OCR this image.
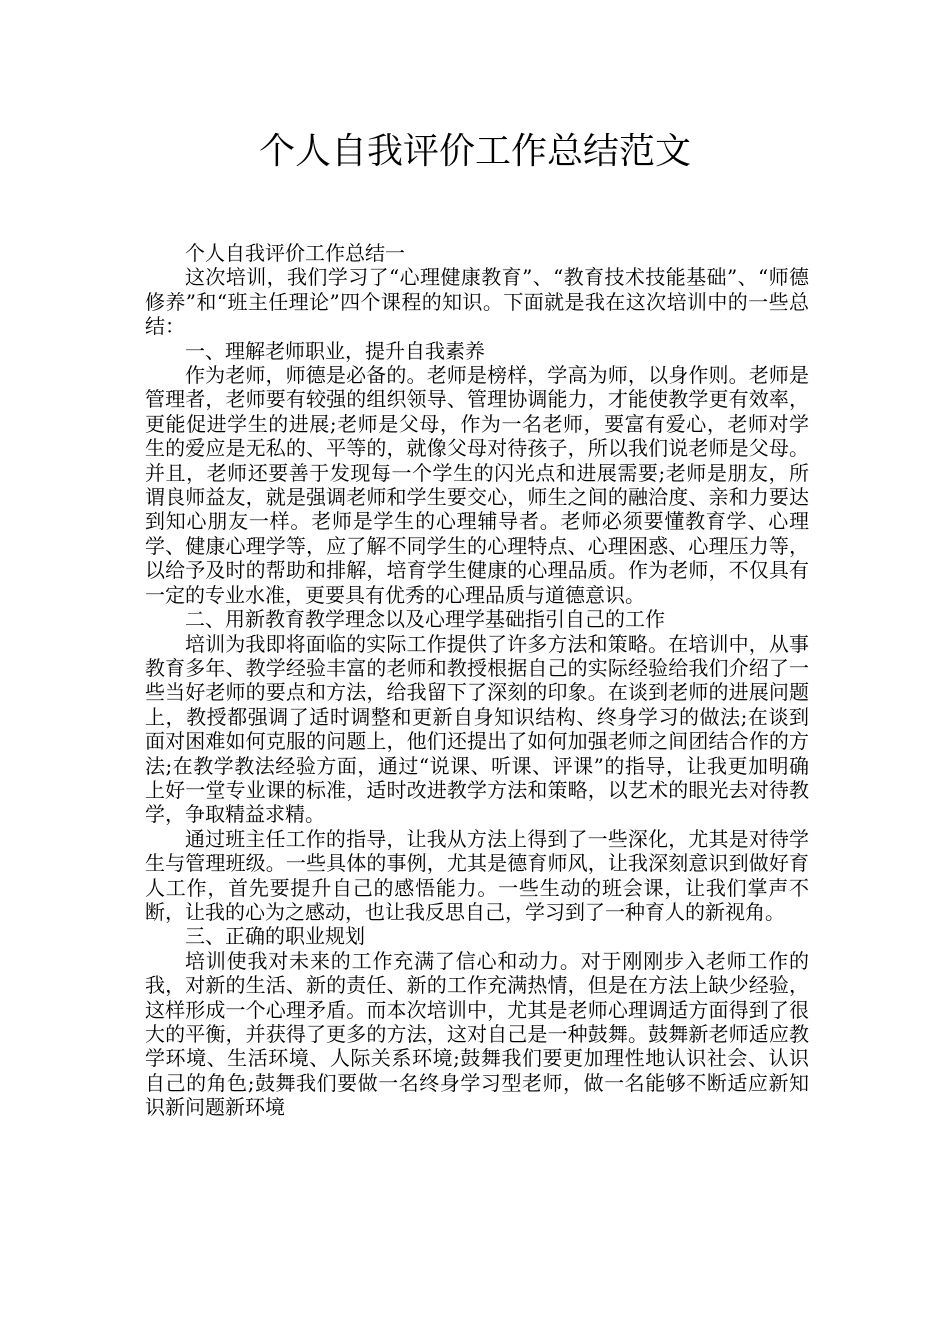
个人自我评价工作总结范文

个人自我评价工作总结一

这次培训，我们学习了“心理健康教育”、“教育技术技能基础”、“师德修养”和“班主任理论”四个课程的知识。下面就是我在这次培训中的一些总结：

一、理解老师职业，提升自我素养

作为老师，师德是必备的。老师是榜样，学高为师，以身作则。老师是管理者，老师要有较强的组织领导、管理协调能力，才能使教学更有效率，更能促进学生的进展;老师是父母，作为一名老师，要富有爱心，老师对学生的爱应是无私的、平等的，就像父母对待孩子，所以我们说老师是父母。并且，老师还要善于发现每一个学生的闪光点和进展需要;老师是朋友，所谓良师益友，就是强调老师和学生要交心，师生之间的融洽度、亲和力要达到知心朋友一样。老师是学生的心理辅导者。老师必须要懂教育学、心理学、健康心理学等，应了解不同学生的心理特点、心理困惑、心理压力等，以给予及时的帮助和排解，培育学生健康的心理品质。作为老师，不仅具有一定的专业水准，更要具有优秀的心理品质与道德意识。

二、用新教育教学理念以及心理学基础指引自己的工作

培训为我即将面临的实际工作提供了许多方法和策略。在培训中，从事教育多年、教学经验丰富的老师和教授根据自己的实际经验给我们介绍了一些当好老师的要点和方法，给我留下了深刻的印象。在谈到老师的进展问题上，教授都强调了适时调整和更新自身知识结构、终身学习的做法;在谈到面对困难如何克服的问题上，他们还提出了如何加强老师之间团结合作的方法;在教学教法经验方面，通过“说课、听课、评课”的指导，让我更加明确上好一堂专业课的标准，适时改进教学方法和策略，以艺术的眼光去对待教学，争取精益求精。

通过班主任工作的指导，让我从方法上得到了一些深化，尤其是对待学生与管理班级。一些具体的事例，尤其是德育师风，让我深刻意识到做好育人工作，首先要提升自己的感悟能力。一些生动的班会课，让我们掌声不断，让我的心为之感动，也让我反思自己，学习到了一种育人的新视角。

三、正确的职业规划

培训使我对未来的工作充满了信心和动力。对于刚刚步入老师工作的我，对新的生活、新的责任、新的工作充满热情，但是在方法上缺少经验，这样形成一个心理矛盾。而本次培训中，尤其是老师心理调适方面得到了很大的平衡，并获得了更多的方法，这对自己是一种鼓舞。鼓舞新老师适应教学环境、生活环境、人际关系环境;鼓舞我们要更加理性地认识社会、认识自己的角色;鼓舞我们要做一名终身学习型老师，做一名能够不断适应新知识新问题新环境
